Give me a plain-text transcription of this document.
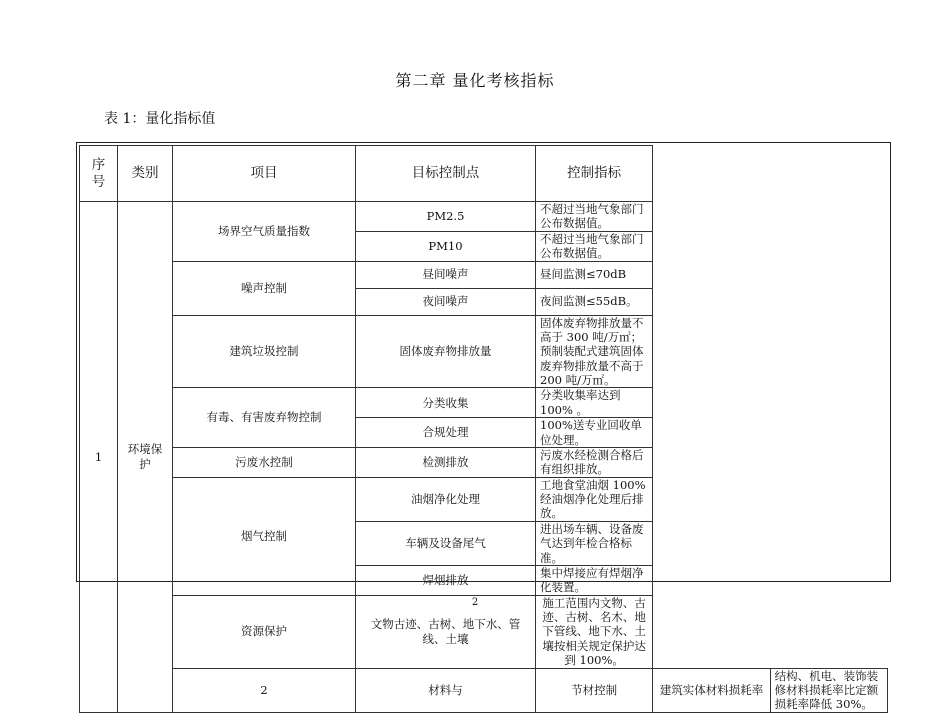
第二章 量化考核指标
表 1：量化指标值
序号	类别	项目	目标控制点	控制指标		
1	环境保护	场界空气质量指数	PM2.5	不超过当地气象部门公布数据值。		
			PM10	不超过当地气象部门公布数据值。		
		噪声控制	昼间噪声	昼间监测≤70dB		
			夜间噪声	夜间监测≤55dB。		
		建筑垃圾控制	固体废弃物排放量	固体废弃物排放量不高于 300 吨/万㎡；预制装配式建筑固体废弃物排放量不高于 200 吨/万㎡。		
		有毒、有害废弃物控制	分类收集	分类收集率达到 100% 。		
			合规处理	100%送专业回收单位处理。		
		污废水控制	检测排放	污废水经检测合格后有组织排放。		
		烟气控制	油烟净化处理	工地食堂油烟 100%经油烟净化处理后排放。		
			车辆及设备尾气	进出场车辆、设备废气达到年检合格标准。		
			焊烟排放	集中焊接应有焊烟净化装置。		
		资源保护	文物古迹、古树、地下水、管线、土壤	施工范围内文物、古迹、古树、名木、地下管线、地下水、土壤按相关规定保护达到 100%。		
		2	材料与	节材控制	建筑实体材料损耗率	结构、机电、装饰装修材料损耗率比定额损耗率降低 30%。
2
